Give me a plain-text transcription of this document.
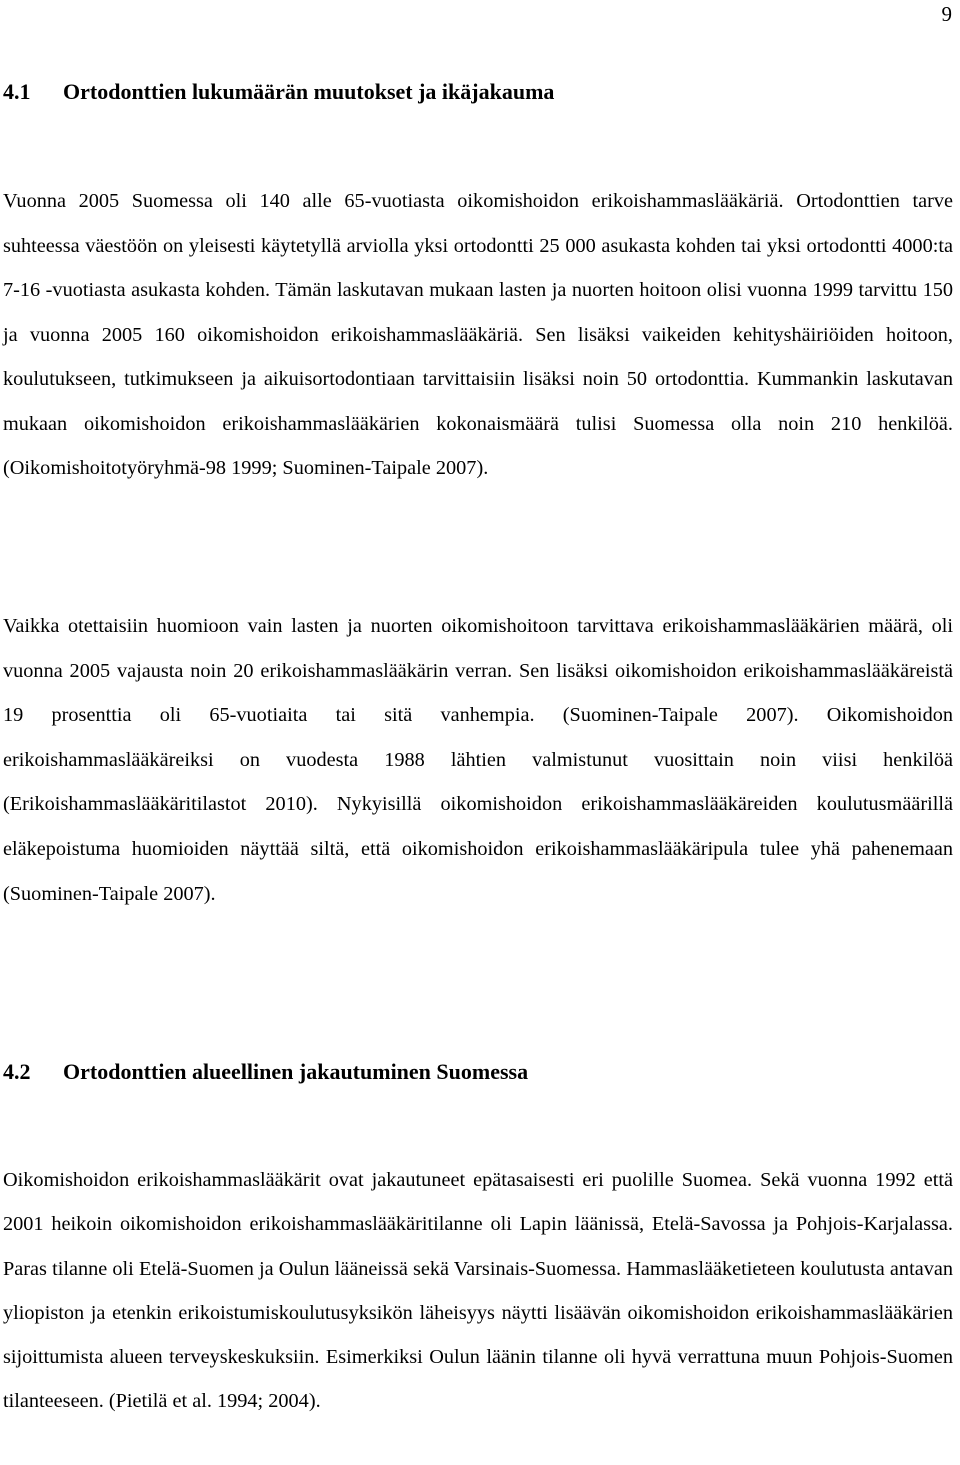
9
4.1 Ortodonttien lukumäärän muutokset ja ikäjakauma
Vuonna 2005 Suomessa oli 140 alle 65-vuotiasta oikomishoidon erikoishammaslääkäriä. Ortodonttien tarve suhteessa väestöön on yleisesti käytetyllä arviolla yksi ortodontti 25 000 asukasta kohden tai yksi ortodontti 4000:ta 7-16 -vuotiasta asukasta kohden. Tämän laskutavan mukaan lasten ja nuorten hoitoon olisi vuonna 1999 tarvittu 150 ja vuonna 2005 160 oikomishoidon erikoishammaslääkäriä. Sen lisäksi vaikeiden kehityshäiriöiden hoitoon, koulutukseen, tutkimukseen ja aikuisortodontiaan tarvittaisiin lisäksi noin 50 ortodonttia. Kummankin laskutavan mukaan oikomishoidon erikoishammaslääkärien kokonaismäärä tulisi Suomessa olla noin 210 henkilöä. (Oikomishoitotyöryhmä-98 1999; Suominen-Taipale 2007).
Vaikka otettaisiin huomioon vain lasten ja nuorten oikomishoitoon tarvittava erikoishammaslääkärien määrä, oli vuonna 2005 vajausta noin 20 erikoishammaslääkärin verran. Sen lisäksi oikomishoidon erikoishammaslääkäreistä 19 prosenttia oli 65-vuotiaita tai sitä vanhempia. (Suominen-Taipale 2007). Oikomishoidon erikoishammaslääkäreiksi on vuodesta 1988 lähtien valmistunut vuosittain noin viisi henkilöä (Erikoishammaslääkäritilastot 2010). Nykyisillä oikomishoidon erikoishammaslääkäreiden koulutusmäärillä eläkepoistuma huomioiden näyttää siltä, että oikomishoidon erikoishammaslääkäripula tulee yhä pahenemaan (Suominen-Taipale 2007).
4.2 Ortodonttien alueellinen jakautuminen Suomessa
Oikomishoidon erikoishammaslääkärit ovat jakautuneet epätasaisesti eri puolille Suomea. Sekä vuonna 1992 että 2001 heikoin oikomishoidon erikoishammaslääkäritilanne oli Lapin läänissä, Etelä-Savossa ja Pohjois-Karjalassa. Paras tilanne oli Etelä-Suomen ja Oulun lääneissä sekä Varsinais-Suomessa. Hammaslääketieteen koulutusta antavan yliopiston ja etenkin erikoistumiskoulutusyksikön läheisyys näytti lisäävän oikomishoidon erikoishammaslääkärien sijoittumista alueen terveyskeskuksiin. Esimerkiksi Oulun läänin tilanne oli hyvä verrattuna muun Pohjois-Suomen tilanteeseen. (Pietilä et al. 1994; 2004).
